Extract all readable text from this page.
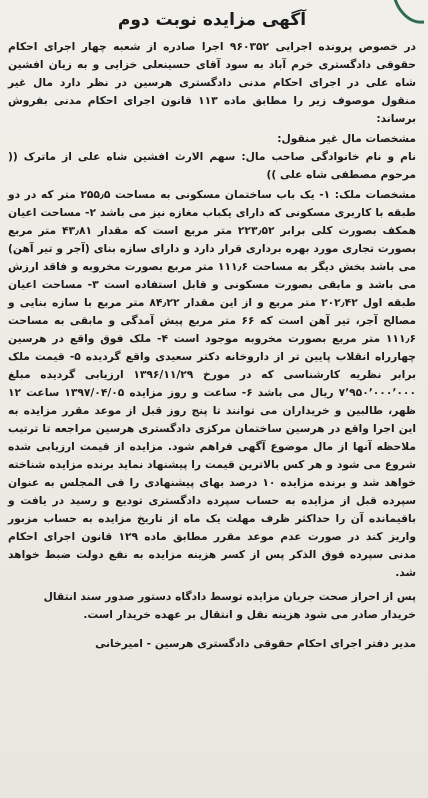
آگهی مزایده نوبت دوم

در خصوص پرونده اجرایی ۹۶۰۳۵۲ اجرا صادره از شعبه چهار اجرای احکام حقوقی دادگستری خرم آباد به سود آقای حسینعلی خزایی و به زیان افشین شاه علی در اجرای احکام مدنی دادگستری هرسین در نظر دارد مال غیر منقول موصوف زیر را مطابق ماده ۱۱۳ قانون اجرای احکام مدنی بفروش برساند:

مشخصات مال غیر منقول:

نام و نام خانوادگی صاحب مال: سهم الارث افشین شاه علی از ماترک (( مرحوم مصطفی شاه علی ))

مشخصات ملک: ۱- یک باب ساختمان مسکونی به مساحت ۲۵۵٫۵ متر که در دو طبقه با کاربری مسکونی که دارای یکباب مغازه نیز می باشد ۲- مساحت اعیان همکف بصورت کلی برابر ۲۲۳٫۵۲ متر مربع است که مقدار ۴۳٫۸۱ متر مربع بصورت تجاری مورد بهره برداری قرار دارد و دارای سازه بنای (آجر و تیر آهن) می باشد بخش دیگر به مساحت ۱۱۱٫۶ متر مربع بصورت مخروبه و فاقد ارزش می باشد و مابقی بصورت مسکونی و قابل استفاده است ۳- مساحت اعیان طبقه اول ۲۰۲٫۴۲ متر مربع و از این مقدار ۸۴٫۲۲ متر مربع با سازه بنایی و مصالح آجر، تیر آهن است که ۶۶ متر مربع پیش آمدگی و مابقی به مساحت ۱۱۱٫۶ متر مربع بصورت مخروبه موجود است ۴- ملک فوق واقع در هرسین چهارراه انقلاب پایین تر از داروخانه دکتر سعیدی واقع گردیده ۵- قیمت ملک برابر نظریه کارشناسی که در مورخ ۱۳۹۶/۱۱/۲۹ ارزیابی گردیده مبلغ ۷٬۹۵۰٬۰۰۰٬۰۰۰ ریال می باشد ۶- ساعت و روز مزایده ۱۳۹۷/۰۴/۰۵ ساعت ۱۲ ظهر، طالبین و خریداران می توانند تا پنج روز قبل از موعد مقرر مزایده به این اجرا واقع در هرسین ساختمان مرکزی دادگستری هرسین مراجعه تا ترتیب ملاحظه آنها از مال موضوع آگهی فراهم شود. مزایده از قیمت ارزیابی شده شروع می شود و هر کس بالاترین قیمت را پیشنهاد نماید برنده مزایده شناخته خواهد شد و برنده مزایده ۱۰ درصد بهای پیشنهادی را فی المجلس به عنوان سپرده قبل از مزایده به حساب سپرده دادگستری تودیع و رسید در یافت و باقیمانده آن را حداکثر ظرف مهلت یک ماه از تاریخ مزایده به حساب مزبور واریز کند در صورت عدم موعد مقرر مطابق ماده ۱۲۹ قانون اجرای احکام مدنی سپرده فوق الذکر پس از کسر هزینه مزایده به نفع دولت ضبط خواهد شد.

پس از احراز صحت جریان مزایده توسط دادگاه دستور صدور سند انتقال خریدار صادر می شود هزینه نقل و انتقال بر عهده خریدار است.

مدیر دفتر اجرای احکام حقوقی دادگستری هرسین - امیرخانی
